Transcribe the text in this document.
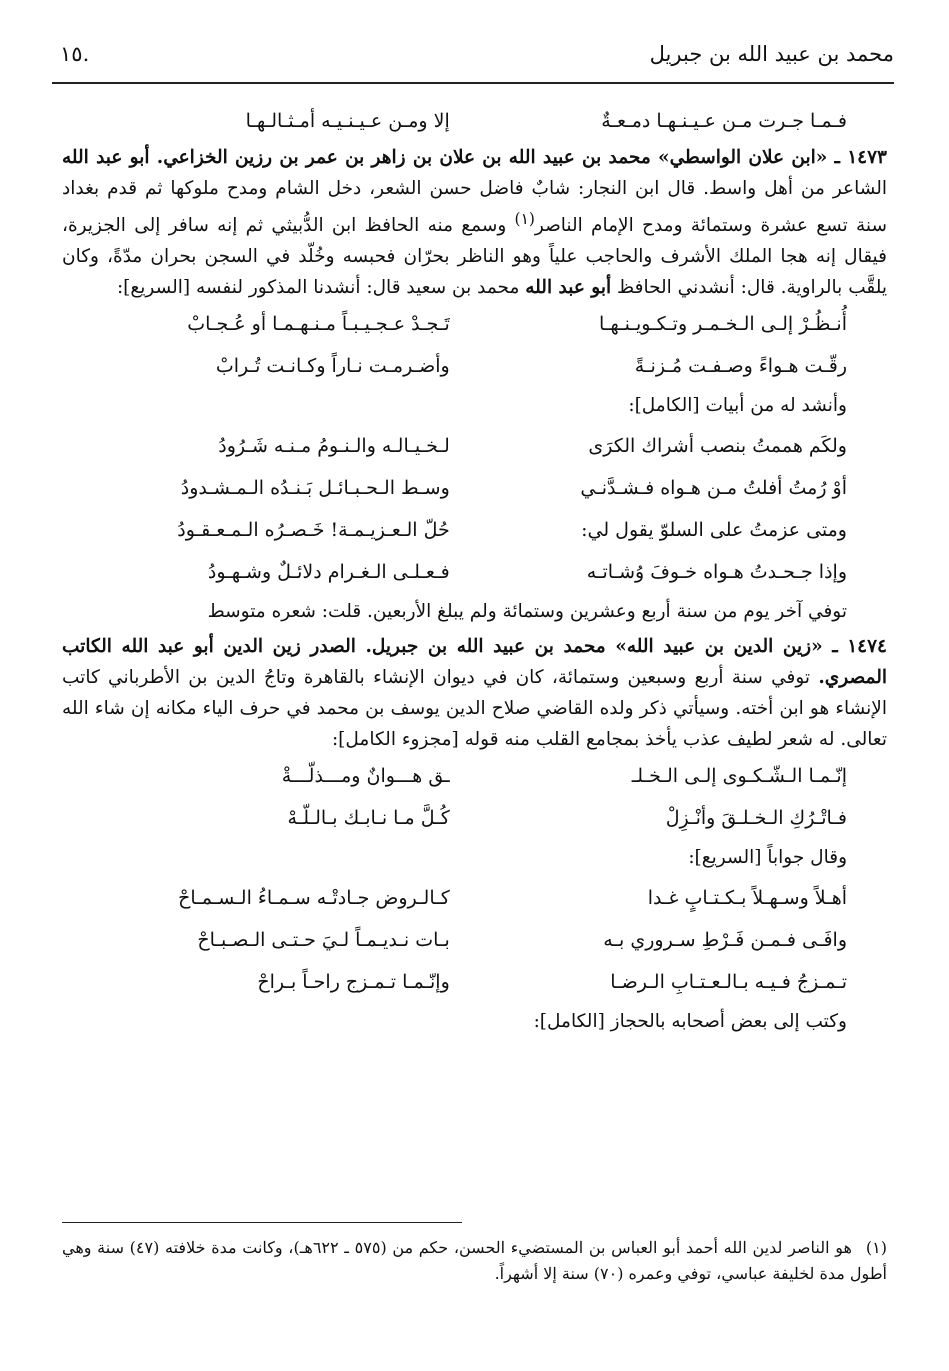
محمد بن عبيد الله بن جبريل
١٥.
فـمـا جـرت مـن عـيـنـهـا دمـعـةٌ
إلا ومـن عـيـنـيـه أمـثـالـهـا

١٤٧٣ ـ «ابن علان الواسطي» محمد بن عبيد الله بن علان بن زاهر بن عمر بن رزين الخزاعي. أبو عبد الله الشاعر من أهل واسط. قال ابن النجار: شابٌ فاضل حسن الشعر، دخل الشام ومدح ملوكها ثم قدم بغداد سنة تسع عشرة وستمائة ومدح الإمام الناصر$^{(١)}$ وسمع منه الحافظ ابن الدُّبيثي ثم إنه سافر إلى الجزيرة، فيقال إنه هجا الملك الأشرف والحاجب علياً وهو الناظر بحرّان فحبسه وخُلّد في السجن بحران مدّةً، وكان يلقَّب بالراوية. قال: أنشدني الحافظ أبو عبد الله محمد بن سعيد قال: أنشدنا المذكور لنفسه [السريع]:

أُنـظُـرْ إلـى الـخـمـر وتـكـويـنـهـا
تَـجـدْ عـجـيـبـاً مـنـهـمـا أو عُـجـابْ
رقّـت هـواءً وصـفـت مُـزنـةً
وأضـرمـت نـاراً وكـانـت تُـرابْ

وأنشد له من أبيات [الكامل]:

ولكَم هممتُ بنصب أشراك الكرَى
لـخـيـالـه والـنـومُ مـنـه شَـرُودُ
أوْ رُمتُ أفلتُ مـن هـواه فـشـدَّنـي
وسـط الـحـبـائـل بَـنـدُه الـمـشـدودُ
ومتى عزمتُ على السلوّ يقول لي:
حُلّ الـعـزيـمـة! خَـصـرُه الـمـعـقـودُ
وإذا جـحـدتُ هـواه خـوفَ وُشـاتـه
فـعـلـى الـغـرام دلائـلٌ وشـهـودُ

توفي آخر يوم من سنة أربع وعشرين وستمائة ولم يبلغ الأربعين. قلت: شعره متوسط

١٤٧٤ ـ «زين الدين بن عبيد الله» محمد بن عبيد الله بن جبريل. الصدر زين الدين أبو عبد الله الكاتب المصري. توفي سنة أربع وسبعين وستمائة، كان في ديوان الإنشاء بالقاهرة وتاجُ الدين بن الأطرباني كاتب الإنشاء هو ابن أخته. وسيأتي ذكر ولده القاضي صلاح الدين يوسف بن محمد في حرف الياء مكانه إن شاء الله تعالى. له شعر لطيف عذب يأخذ بمجامع القلب منه قوله [مجزوء الكامل]:

إنّـمـا الـشّـكـوى إلـى الـخـلـ
ـق هـــوانٌ ومـــذلّـــةْ
فـاتْـرُكِ الـخـلـقَ وأنْـزِلْ
كُـلَّ مـا نـابـك بـالـلّـهْ

وقال جواباً [السريع]:

أهـلاً وسـهـلاً بـكـتـابٍ غـدا
كـالـروض جـادتْـه سـمـاءُ الـسـمـاحْ
وافَـى فـمـن فَـرْطِ سـروري بـه
بـات نـديـمـاً لـيَ حـتـى الـصـبـاحْ
تـمـزجُ فـيـه بـالـعـتـابِ الـرضـا
وإنّـمـا تـمـزج راحـاً بـراحْ

وكتب إلى بعض أصحابه بالحجاز [الكامل]:

(١)هو الناصر لدين الله أحمد أبو العباس بن المستضيء الحسن، حكم من (٥٧٥ ـ ٦٢٢هـ)، وكانت مدة خلافته (٤٧) سنة وهي أطول مدة لخليفة عباسي، توفي وعمره (٧٠) سنة إلا أشهراً.
